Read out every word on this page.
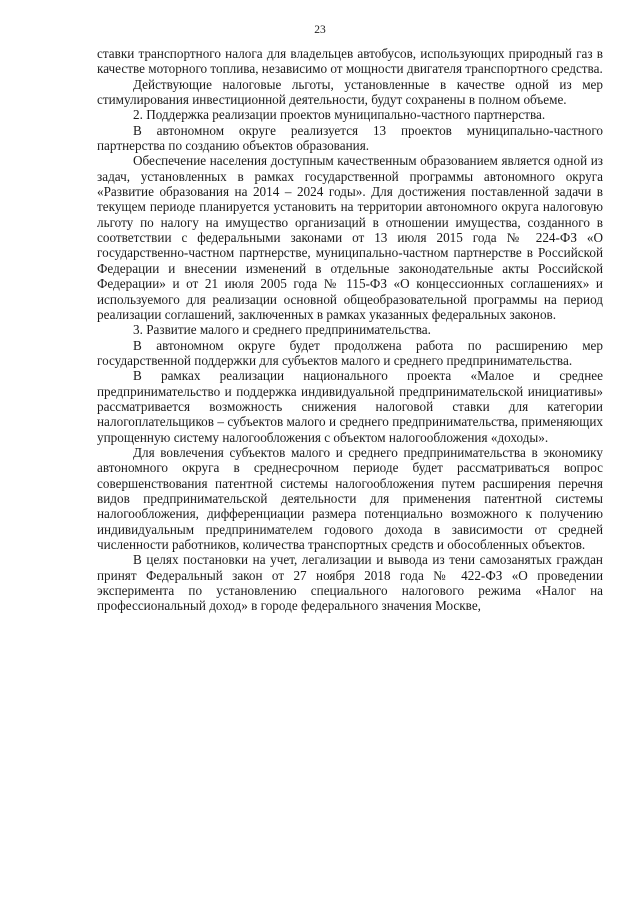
23

ставки транспортного налога для владельцев автобусов, использующих природный газ в качестве моторного топлива, независимо от мощности двигателя транспортного средства.

Действующие налоговые льготы, установленные в качестве одной из мер стимулирования инвестиционной деятельности, будут сохранены в полном объеме.

2. Поддержка реализации проектов муниципально-частного партнерства.

В автономном округе реализуется 13 проектов муниципально-частного партнерства по созданию объектов образования.

Обеспечение населения доступным качественным образованием является одной из задач, установленных в рамках государственной программы автономного округа «Развитие образования на 2014 – 2024 годы». Для достижения поставленной задачи в текущем периоде планируется установить на территории автономного округа налоговую льготу по налогу на имущество организаций в отношении имущества, созданного в соответствии с федеральными законами от 13 июля 2015 года № 224-ФЗ «О государственно-частном партнерстве, муниципально-частном партнерстве в Российской Федерации и внесении изменений в отдельные законодательные акты Российской Федерации» и от 21 июля 2005 года № 115-ФЗ «О концессионных соглашениях» и используемого для реализации основной общеобразовательной программы на период реализации соглашений, заключенных в рамках указанных федеральных законов.

3. Развитие малого и среднего предпринимательства.

В автономном округе будет продолжена работа по расширению мер государственной поддержки для субъектов малого и среднего предпринимательства.

В рамках реализации национального проекта «Малое и среднее предпринимательство и поддержка индивидуальной предпринимательской инициативы» рассматривается возможность снижения налоговой ставки для категории налогоплательщиков – субъектов малого и среднего предпринимательства, применяющих упрощенную систему налогообложения с объектом налогообложения «доходы».

Для вовлечения субъектов малого и среднего предпринимательства в экономику автономного округа в среднесрочном периоде будет рассматриваться вопрос совершенствования патентной системы налогообложения путем расширения перечня видов предпринимательской деятельности для применения патентной системы налогообложения, дифференциации размера потенциально возможного к получению индивидуальным предпринимателем годового дохода в зависимости от средней численности работников, количества транспортных средств и обособленных объектов.

В целях постановки на учет, легализации и вывода из тени самозанятых граждан принят Федеральный закон от 27 ноября 2018 года № 422-ФЗ «О проведении эксперимента по установлению специального налогового режима «Налог на профессиональный доход» в городе федерального значения Москве,
